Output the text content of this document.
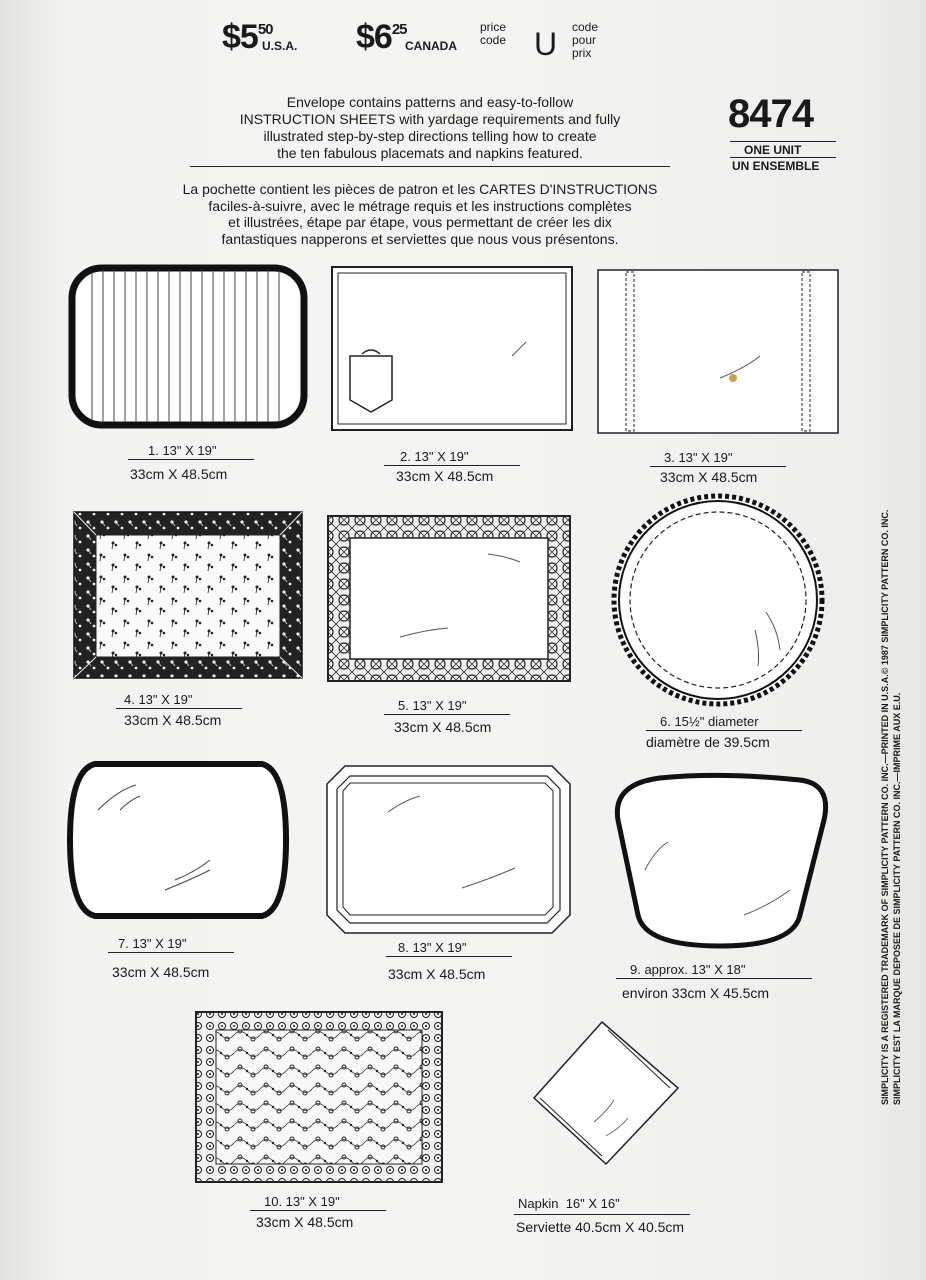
$\$5^{50}$
U.S.A. $\$6^{25}$
CANADA
price
code U code
pour
prix
8474
ONE UNIT
UN ENSEMBLE
Envelope contains patterns and easy-to-follow
INSTRUCTION SHEETS with yardage requirements and fully
illustrated step-by-step directions telling how to create
the ten fabulous placemats and napkins featured.
La pochette contient les pièces de patron et les CARTES D'INSTRUCTIONS
faciles-à-suivre, avec le métrage requis et les instructions complètes
et illustrées, étape par étape, vous permettant de créer les dix
fantastiques napperons et serviettes que nous vous présentons.
1. 13" X 19"
33cm X 48.5cm
2. 13" X 19"
33cm X 48.5cm
3. 13" X 19"
33cm X 48.5cm
4. 13" X 19"
33cm X 48.5cm
5. 13" X 19"
33cm X 48.5cm	6. 15½" diameter
diamètre de 39.5cm
7. 13" X 19"
33cm X 48.5cm
8. 13" X 19"
33cm X 48.5cm	9. approx. 13" X 18"
environ 33cm X 45.5cm
10. 13" X 19"
33cm X 48.5cm
Napkin  16" X 16"
Serviette 40.5cm X 40.5cm
SIMPLICITY IS A REGISTERED TRADEMARK OF SIMPLICITY PATTERN CO. INC.—PRINTED IN U.S.A.© 1987 SIMPLICITY PATTERN CO. INC. SIMPLICITY EST LA MARQUE DEPOSEE DE SIMPLICITY PATTERN CO. INC.—IMPRIME AUX E.U.
